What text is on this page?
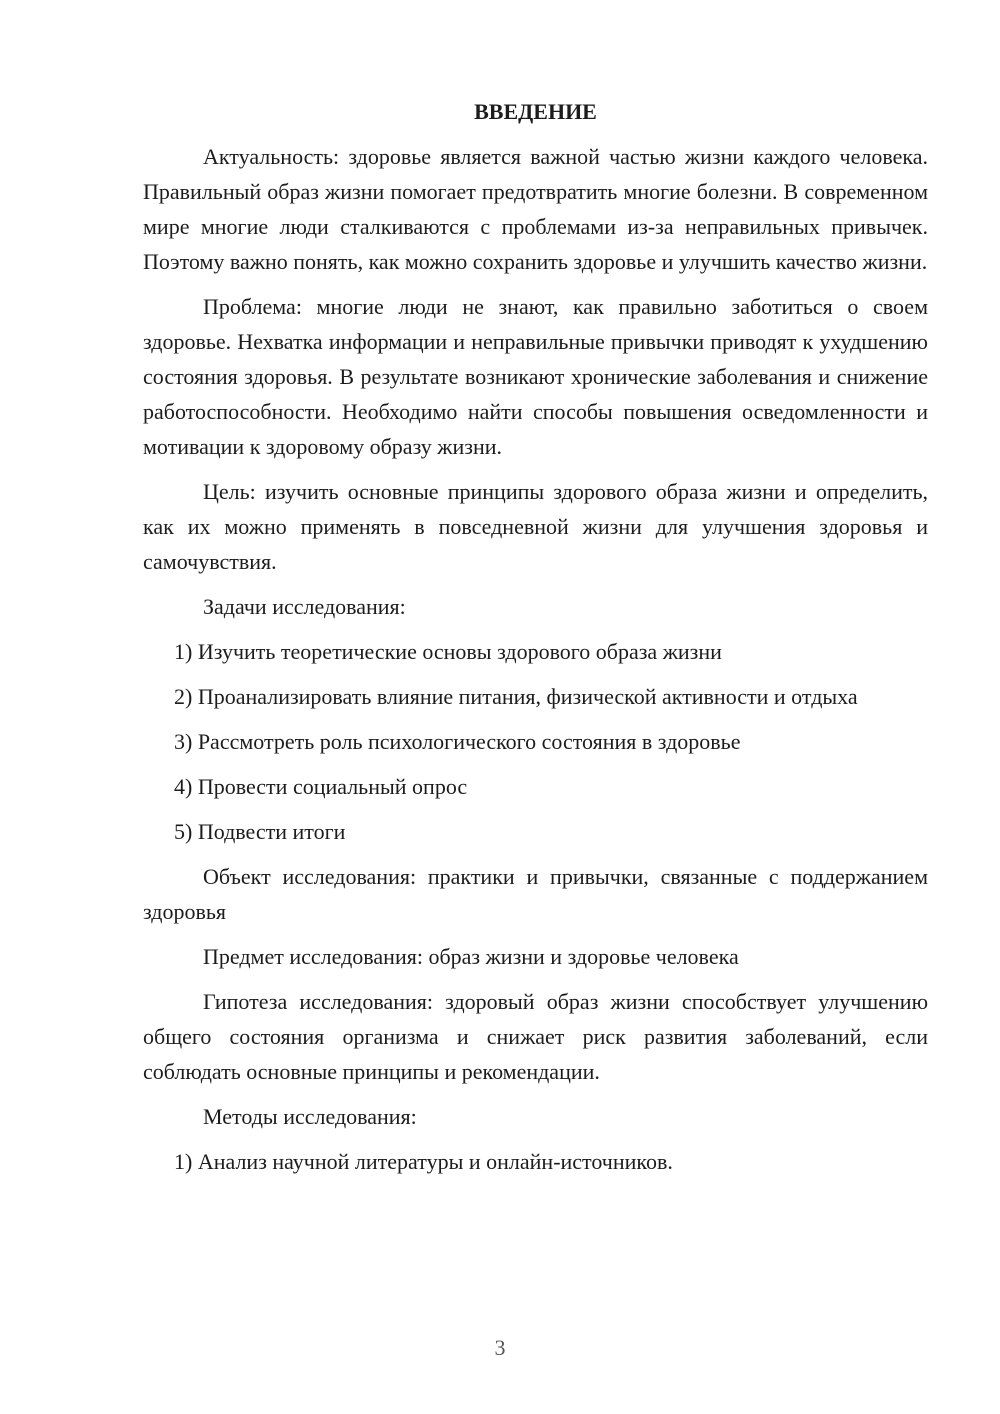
ВВЕДЕНИЕ

Актуальность: здоровье является важной частью жизни каждого человека. Правильный образ жизни помогает предотвратить многие болезни. В современном мире многие люди сталкиваются с проблемами из-за неправильных привычек. Поэтому важно понять, как можно сохранить здоровье и улучшить качество жизни.

Проблема: многие люди не знают, как правильно заботиться о своем здоровье. Нехватка информации и неправильные привычки приводят к ухудшению состояния здоровья. В результате возникают хронические заболевания и снижение работоспособности. Необходимо найти способы повышения осведомленности и мотивации к здоровому образу жизни.

Цель: изучить основные принципы здорового образа жизни и определить, как их можно применять в повседневной жизни для улучшения здоровья и самочувствия.

Задачи исследования:

1) Изучить теоретические основы здорового образа жизни

2) Проанализировать влияние питания, физической активности и отдыха

3) Рассмотреть роль психологического состояния в здоровье

4) Провести социальный опрос

5) Подвести итоги

Объект исследования: практики и привычки, связанные с поддержанием здоровья

Предмет исследования: образ жизни и здоровье человека

Гипотеза исследования: здоровый образ жизни способствует улучшению общего состояния организма и снижает риск развития заболеваний, если соблюдать основные принципы и рекомендации.

Методы исследования:

1) Анализ научной литературы и онлайн-источников.

3
